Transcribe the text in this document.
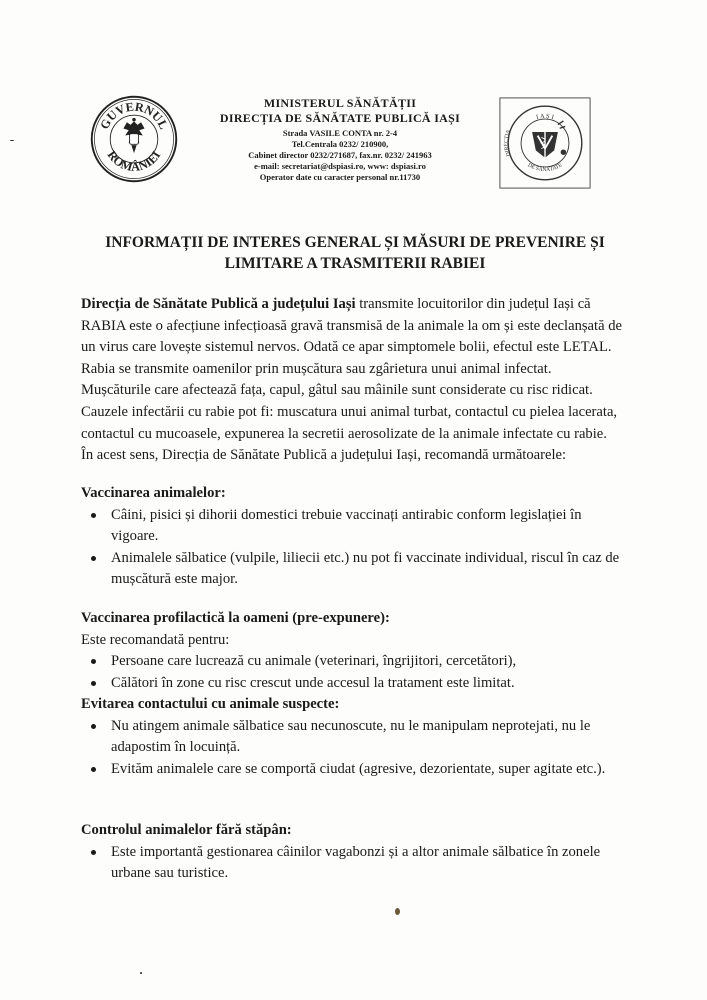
GUVERNUL
ROMÂNIEI
MINISTERUL SĂNĂTĂȚII
DIRECȚIA DE SĂNĂTATE PUBLICĂ IAȘI
Strada VASILE CONTA nr. 2-4
Tel.Centrala 0232/ 210900,
Cabinet director 0232/271687, fax.nr. 0232/ 241963
e-mail: secretariat@dspiasi.ro, www: dspiasi.ro
Operator date cu caracter personal nr.11730
I A Ș I
DIRECȚIA
DE SĂNĂTATE
INFORMAȚII DE INTERES GENERAL ȘI MĂSURI DE PREVENIRE ȘI
LIMITARE A TRASMITERII RABIEI
Direcția de Sănătate Publică a județului Iași transmite locuitorilor din județul Iași că
RABIA este o afecțiune infecțioasă gravă transmisă de la animale la om și este declanșată de
un virus care lovește sistemul nervos. Odată ce apar simptomele bolii, efectul este LETAL.
Rabia se transmite oamenilor prin mușcătura sau zgârietura unui animal infectat.
Mușcăturile care afectează fața, capul, gâtul sau mâinile sunt considerate cu risc ridicat.
Cauzele infectării cu rabie pot fi: muscatura unui animal turbat, contactul cu pielea lacerata,
contactul cu mucoasele, expunerea la secretii aerosolizate de la animale infectate cu rabie.
În acest sens, Direcția de Sănătate Publică a județului Iași, recomandă următoarele:
Vaccinarea animalelor:
Câini, pisici și dihorii domestici trebuie vaccinați antirabic conform legislației în vigoare.
Animalele sălbatice (vulpile, liliecii etc.) nu pot fi vaccinate individual, riscul în caz de mușcătură este major.
Vaccinarea profilactică la oameni (pre-expunere):
Este recomandată pentru:
Persoane care lucrează cu animale (veterinari, îngrijitori, cercetători),
Călători în zone cu risc crescut unde accesul la tratament este limitat.
Evitarea contactului cu animale suspecte:
Nu atingem animale sălbatice sau necunoscute, nu le manipulam neprotejati, nu le adapostim în locuință.
Evităm animalele care se comportă ciudat (agresive, dezorientate, super agitate etc.).
Controlul animalelor fără stăpân:
Este importantă gestionarea câinilor vagabonzi și a altor animale sălbatice în zonele urbane sau turistice.
